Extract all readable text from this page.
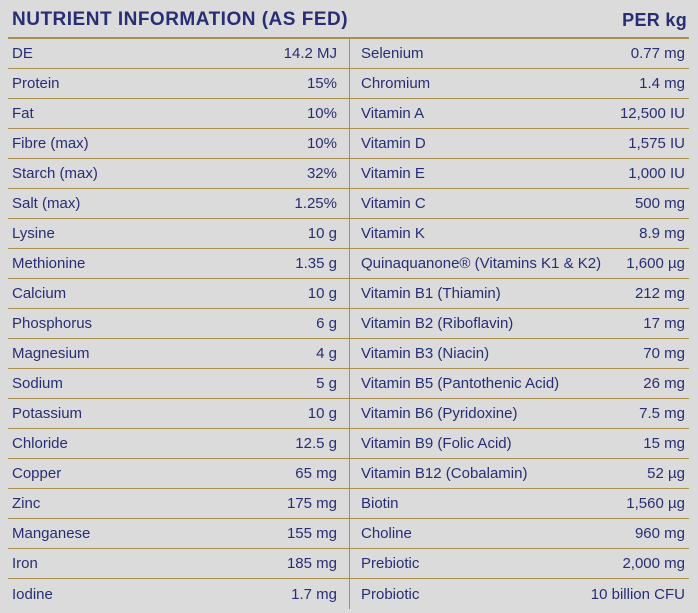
NUTRIENT INFORMATION (AS FED)	PER kg
DE	14.2 MJ
Protein	15%
Fat	10%
Fibre (max)	10%
Starch (max)	32%
Salt (max)	1.25%
Lysine	10 g
Methionine	1.35 g
Calcium	10 g
Phosphorus	6 g
Magnesium	4 g
Sodium	5 g
Potassium	10 g
Chloride	12.5 g
Copper	65 mg
Zinc	175 mg
Manganese	155 mg
Iron	185 mg
Iodine	1.7 mg
Selenium	0.77 mg
Chromium	1.4 mg
Vitamin A	12,500 IU
Vitamin D	1,575 IU
Vitamin E	1,000 IU
Vitamin C	500 mg
Vitamin K	8.9 mg
Quinaquanone® (Vitamins K1 & K2) 1,600 µg
Vitamin B1 (Thiamin)	212 mg
Vitamin B2 (Riboflavin)	17 mg
Vitamin B3 (Niacin)	70 mg
Vitamin B5 (Pantothenic Acid)	26 mg
Vitamin B6 (Pyridoxine)	7.5 mg
Vitamin B9 (Folic Acid)	15 mg
Vitamin B12 (Cobalamin)	52 µg
Biotin	1,560 µg
Choline	960 mg
Prebiotic	2,000 mg
Probiotic	10 billion CFU
